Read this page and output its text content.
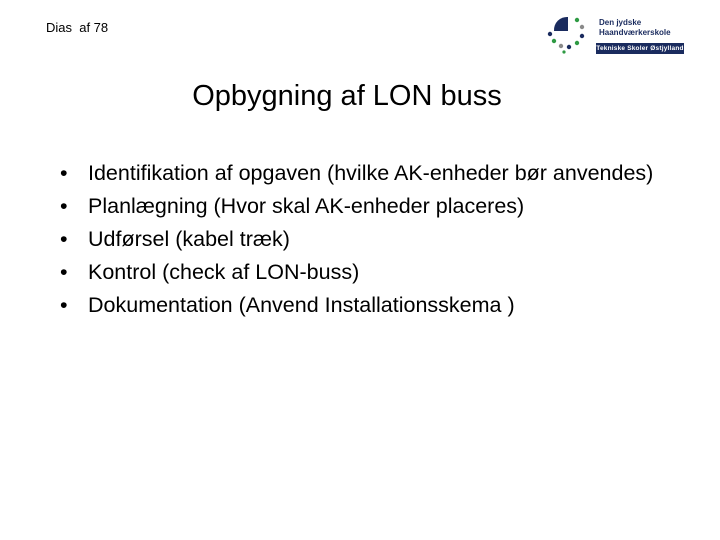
Dias  af 78	Den jydske
Haandværkerskole
Tekniske Skoler Østjylland
Opbygning af LON buss
• Identifikation af opgaven (hvilke AK-enheder bør anvendes)
• Planlægning (Hvor skal AK-enheder placeres)
• Udførsel (kabel træk)
• Kontrol (check af LON-buss)
• Dokumentation (Anvend Installationsskema )
